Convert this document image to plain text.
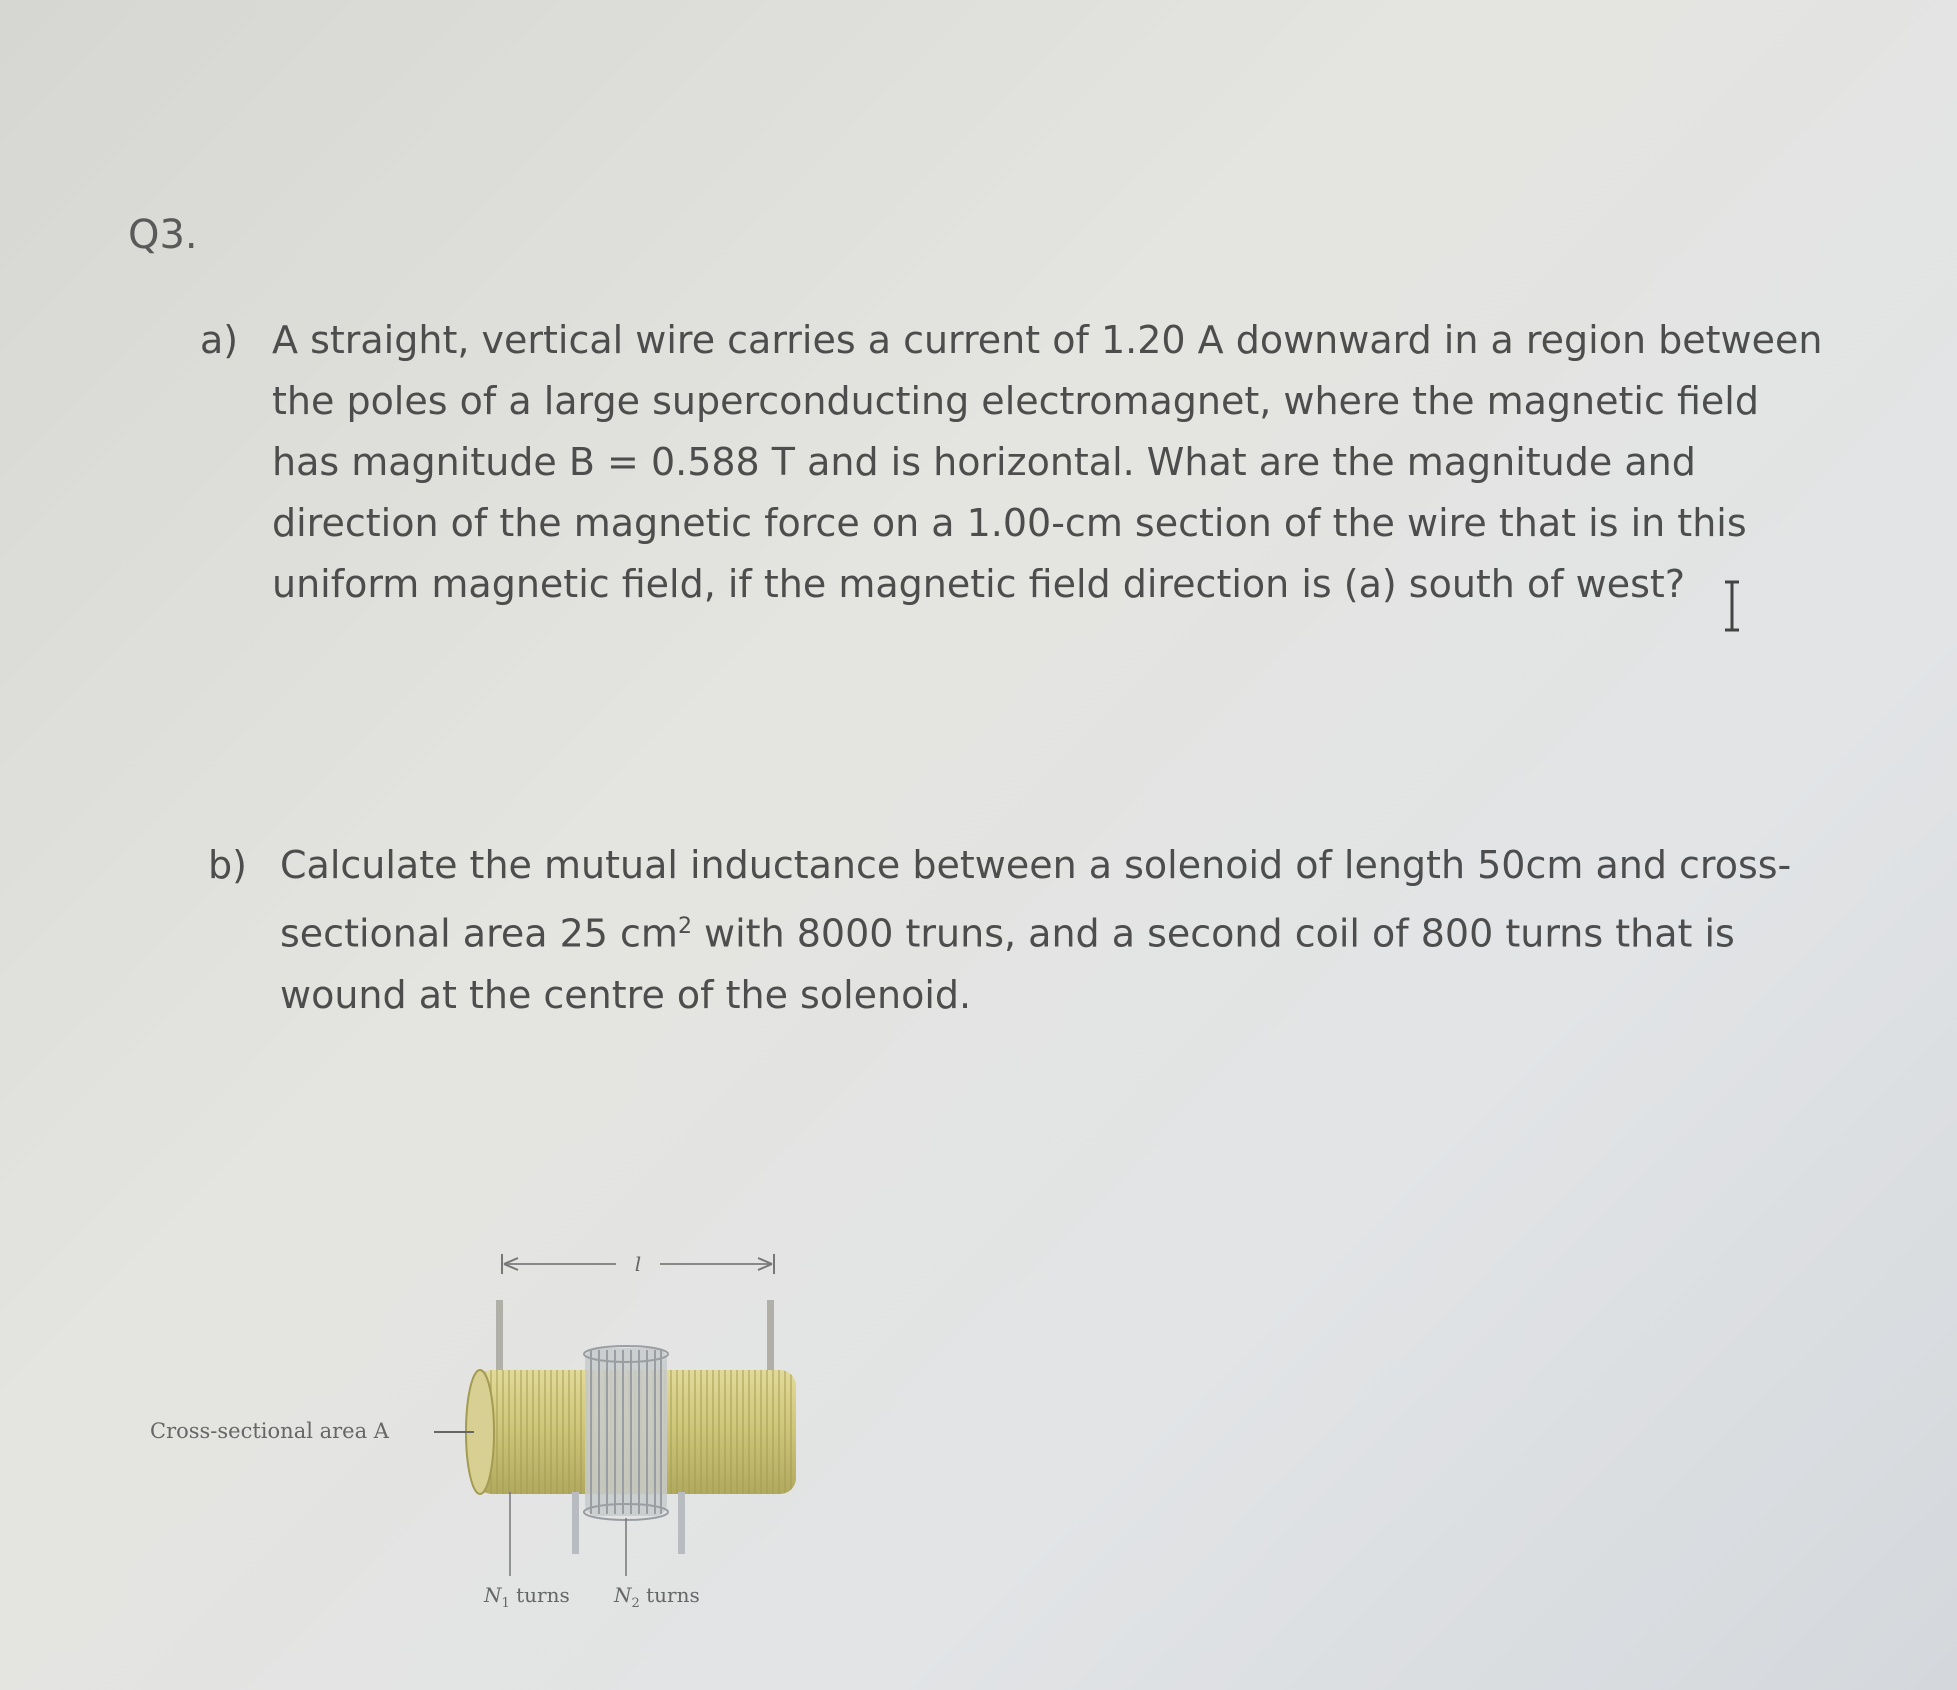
Q3.
a) A straight, vertical wire carries a current of 1.20 A downward in a region between
the poles of a large superconducting electromagnet, where the magnetic field
has magnitude B = 0.588 T and is horizontal. What are the magnitude and
direction of the magnetic force on a 1.00-cm section of the wire that is in this
uniform magnetic field, if the magnetic field direction is (a) south of west?
b) Calculate the mutual inductance between a solenoid of length 50cm and cross-
sectional area 25 $cm^2$ with 8000 truns, and a second coil of 800 turns that is
wound at the centre of the solenoid.
l
Cross-sectional area A
$N_1$ turns $N_2$ turns
